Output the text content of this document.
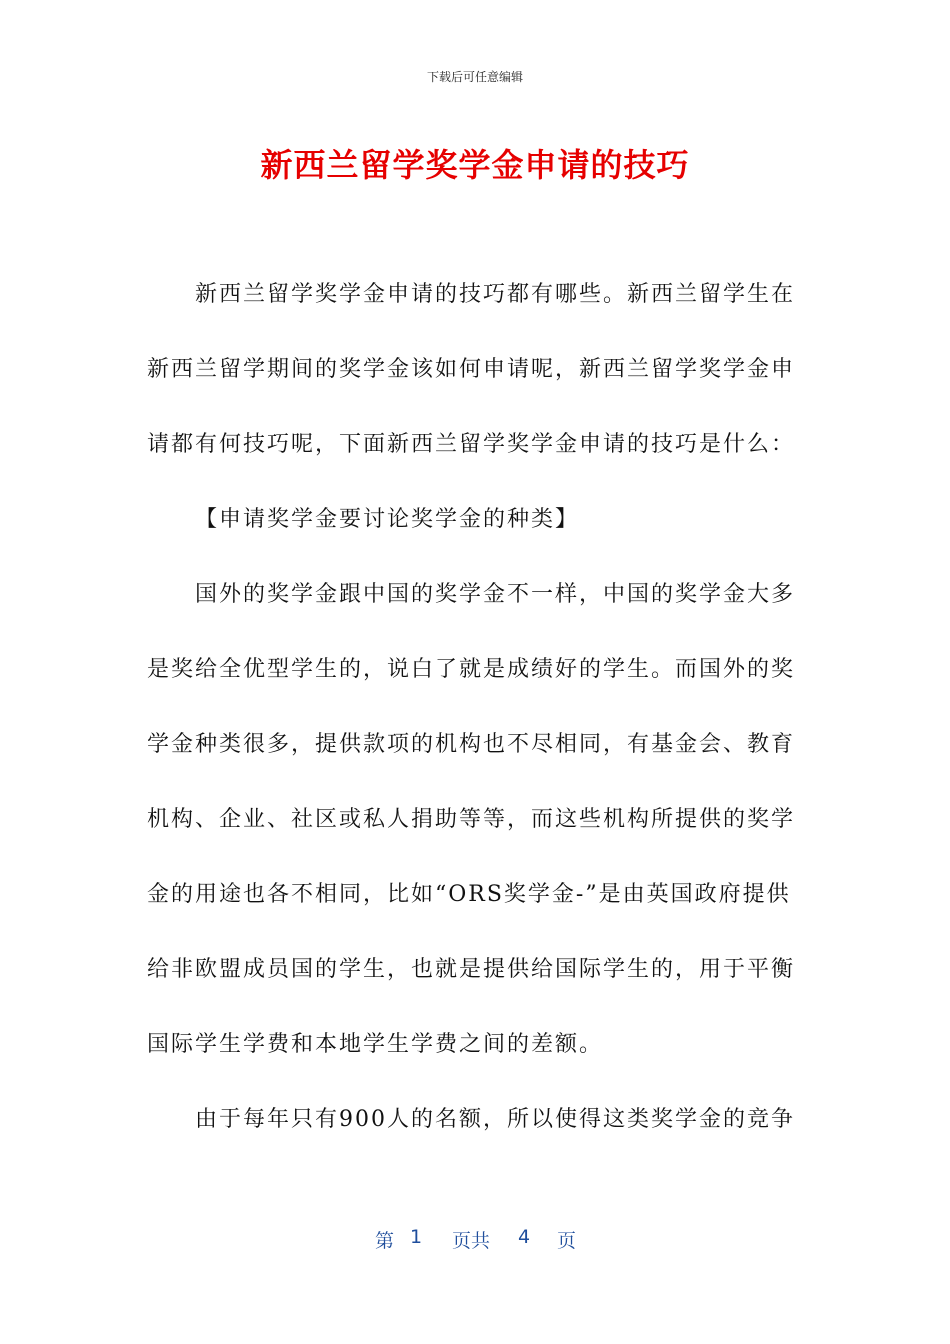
下载后可任意编辑
新西兰留学奖学金申请的技巧
新西兰留学奖学金申请的技巧都有哪些。新西兰留学生在
新西兰留学期间的奖学金该如何申请呢，新西兰留学奖学金申
请都有何技巧呢，下面新西兰留学奖学金申请的技巧是什么：
【申请奖学金要讨论奖学金的种类】
国外的奖学金跟中国的奖学金不一样，中国的奖学金大多
是奖给全优型学生的，说白了就是成绩好的学生。而国外的奖
学金种类很多，提供款项的机构也不尽相同，有基金会、教育
机构、企业、社区或私人捐助等等，而这些机构所提供的奖学
金的用途也各不相同，比如“ORS奖学金-”是由英国政府提供
给非欧盟成员国的学生，也就是提供给国际学生的，用于平衡
国际学生学费和本地学生学费之间的差额。
由于每年只有900人的名额，所以使得这类奖学金的竞争
第 1 页共 4 页
